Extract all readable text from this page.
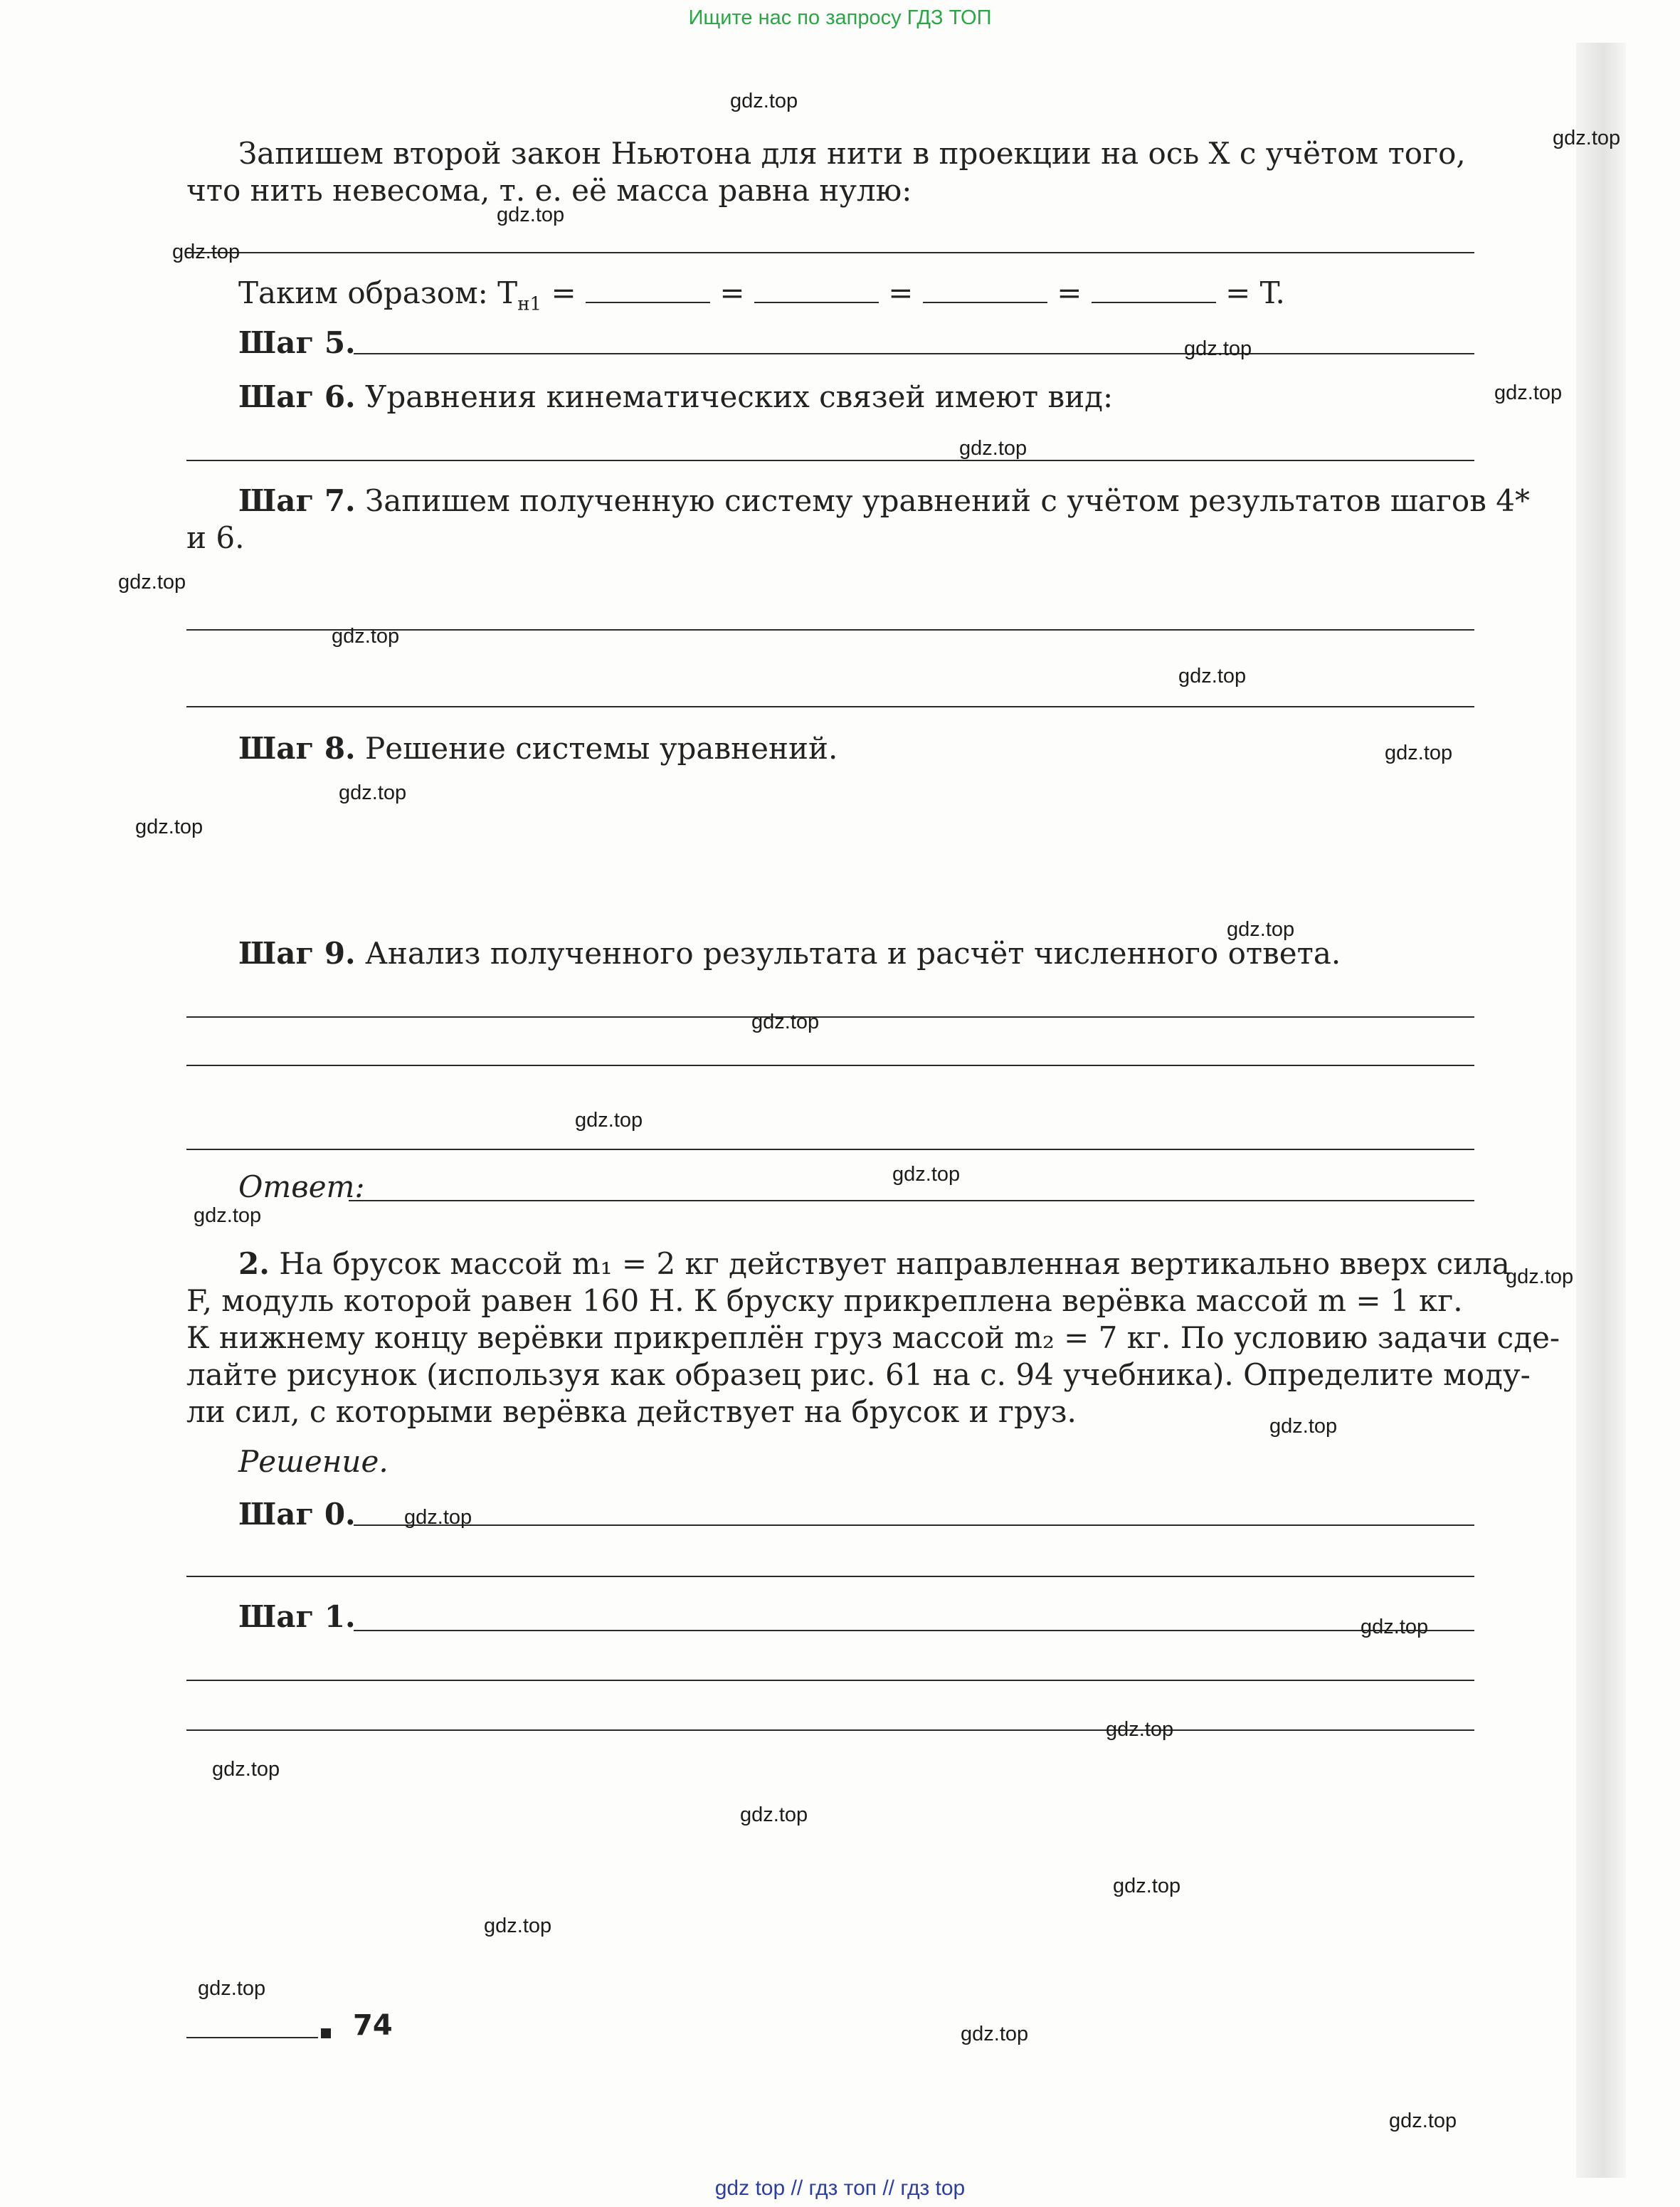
Ищите нас по запросу ГДЗ ТОП
Запишем второй закон Ньютона для нити в проекции на ось X с учётом того,
что нить невесома, т. е. её масса равна нулю:
Таким образом: $T_{н1}$ =	=	=	=	= T.
Шаг 5.
Шаг 6. Уравнения кинематических связей имеют вид:
Шаг 7. Запишем полученную систему уравнений с учётом результатов шагов 4*
и 6.
Шаг 8. Решение системы уравнений.
Шаг 9. Анализ полученного результата и расчёт численного ответа.
Ответ:
2. На брусок массой m₁ = 2 кг действует направленная вертикально вверх сила
F, модуль которой равен 160 Н. К бруску прикреплена верёвка массой m = 1 кг.
К нижнему концу верёвки прикреплён груз массой m₂ = 7 кг. По условию задачи сде-
лайте рисунок (используя как образец рис. 61 на с. 94 учебника). Определите моду-
ли сил, с которыми верёвка действует на брусок и груз.
Решение.
Шаг 0.
Шаг 1.
74
gdz.top
gdz.top
gdz.top
gdz.top
gdz.top
gdz.top
gdz.top
gdz.top
gdz.top
gdz.top
gdz.top
gdz.top
gdz.top
gdz.top
gdz.top
gdz.top
gdz.top
gdz.top
gdz.top
gdz.top
gdz.top
gdz.top
gdz.top
gdz.top
gdz.top
gdz.top
gdz.top
gdz.top
gdz.top
gdz.top
gdz top // гдз топ // гдз top
